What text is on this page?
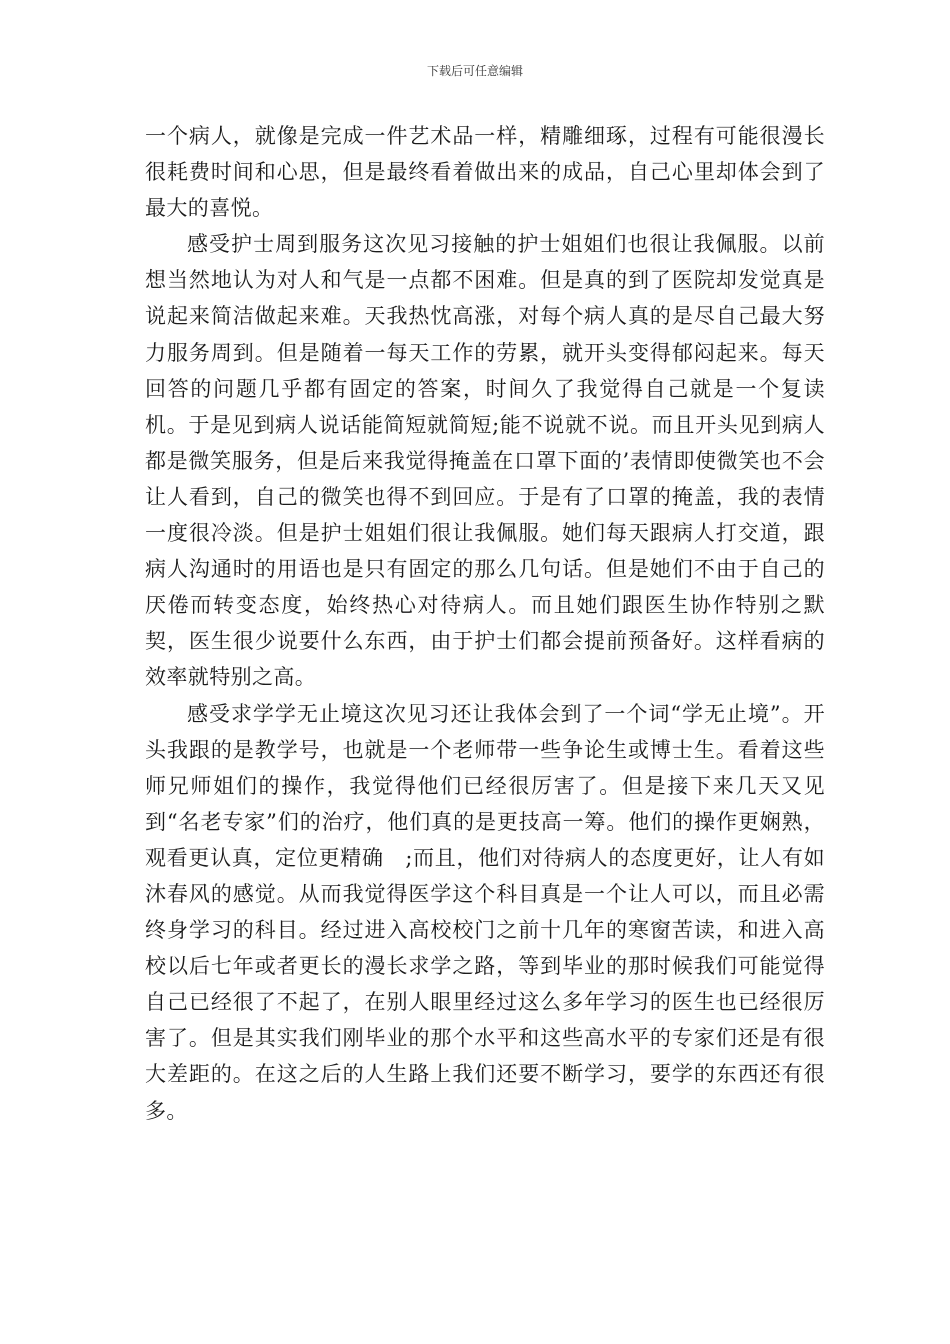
下载后可任意编辑

一个病人，就像是完成一件艺术品一样，精雕细琢，过程有可能很漫长很耗费时间和心思，但是最终看着做出来的成品，自己心里却体会到了最大的喜悦。

感受护士周到服务这次见习接触的护士姐姐们也很让我佩服。以前想当然地认为对人和气是一点都不困难。但是真的到了医院却发觉真是说起来简洁做起来难。天我热忱高涨，对每个病人真的是尽自己最大努力服务周到。但是随着一每天工作的劳累，就开头变得郁闷起来。每天回答的问题几乎都有固定的答案，时间久了我觉得自己就是一个复读机。于是见到病人说话能简短就简短;能不说就不说。而且开头见到病人都是微笑服务，但是后来我觉得掩盖在口罩下面的’表情即使微笑也不会让人看到，自己的微笑也得不到回应。于是有了口罩的掩盖，我的表情一度很冷淡。但是护士姐姐们很让我佩服。她们每天跟病人打交道，跟病人沟通时的用语也是只有固定的那么几句话。但是她们不由于自己的厌倦而转变态度，始终热心对待病人。而且她们跟医生协作特别之默契，医生很少说要什么东西，由于护士们都会提前预备好。这样看病的效率就特别之高。

感受求学学无止境这次见习还让我体会到了一个词“学无止境”。开头我跟的是教学号，也就是一个老师带一些争论生或博士生。看着这些师兄师姐们的操作，我觉得他们已经很厉害了。但是接下来几天又见到“名老专家”们的治疗，他们真的是更技高一筹。他们的操作更娴熟，观看更认真，定位更精确　;而且，他们对待病人的态度更好，让人有如沐春风的感觉。从而我觉得医学这个科目真是一个让人可以，而且必需终身学习的科目。经过进入高校校门之前十几年的寒窗苦读，和进入高校以后七年或者更长的漫长求学之路，等到毕业的那时候我们可能觉得自己已经很了不起了，在别人眼里经过这么多年学习的医生也已经很厉害了。但是其实我们刚毕业的那个水平和这些高水平的专家们还是有很大差距的。在这之后的人生路上我们还要不断学习，要学的东西还有很多。
